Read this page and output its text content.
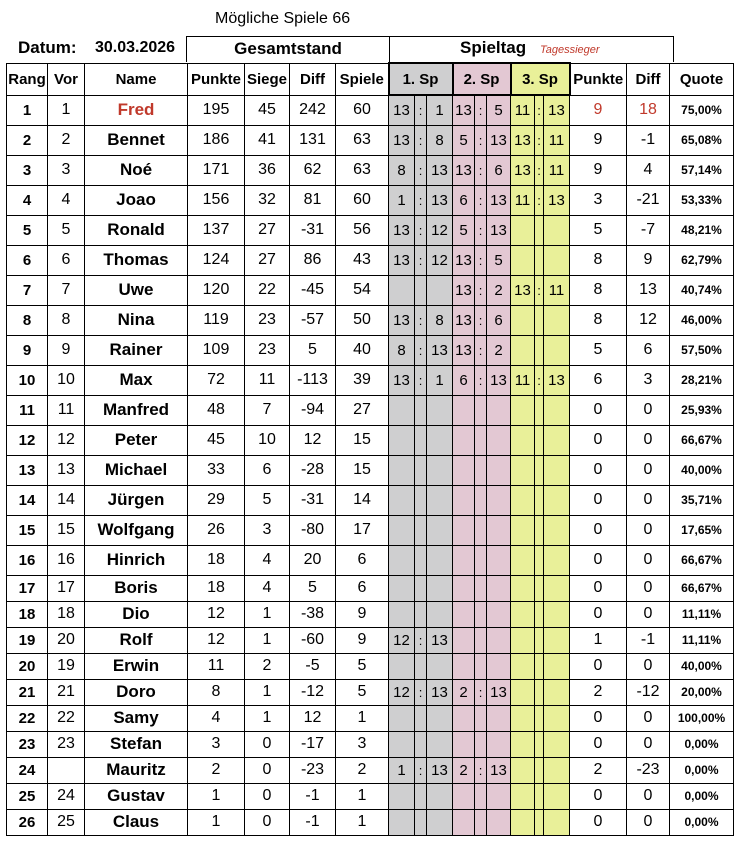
Mögliche Spiele 66
Datum: 30.03.2026	Gesamtstand	Spieltag Tagessieger
Rang	Vor	Name	Punkte	Siege	Diff	Spiele	1. Sp			2. Sp			3. Sp			Punkte	Diff	Quote
1	1	Fred	195	45	242	60	13	:	1	13	:	5	11	:	13	9	18	75,00%
2	2	Bennet	186	41	131	63	13	:	8	5	:	13	13	:	11	9	-1	65,08%
3	3	Noé	171	36	62	63	8	:	13	13	:	6	13	:	11	9	4	57,14%
4	4	Joao	156	32	81	60	1	:	13	6	:	13	11	:	13	3	-21	53,33%
5	5	Ronald	137	27	-31	56	13	:	12	5	:	13				5	-7	48,21%
6	6	Thomas	124	27	86	43	13	:	12	13	:	5				8	9	62,79%
7	7	Uwe	120	22	-45	54				13	:	2	13	:	11	8	13	40,74%
8	8	Nina	119	23	-57	50	13	:	8	13	:	6				8	12	46,00%
9	9	Rainer	109	23	5	40	8	:	13	13	:	2				5	6	57,50%
10	10	Max	72	11	-113	39	13	:	1	6	:	13	11	:	13	6	3	28,21%
11	11	Manfred	48	7	-94	27										0	0	25,93%
12	12	Peter	45	10	12	15										0	0	66,67%
13	13	Michael	33	6	-28	15										0	0	40,00%
14	14	Jürgen	29	5	-31	14										0	0	35,71%
15	15	Wolfgang	26	3	-80	17										0	0	17,65%
16	16	Hinrich	18	4	20	6										0	0	66,67%
17	17	Boris	18	4	5	6										0	0	66,67%
18	18	Dio	12	1	-38	9										0	0	11,11%
19	20	Rolf	12	1	-60	9	12	:	13							1	-1	11,11%
20	19	Erwin	11	2	-5	5										0	0	40,00%
21	21	Doro	8	1	-12	5	12	:	13	2	:	13				2	-12	20,00%
22	22	Samy	4	1	12	1										0	0	100,00%
23	23	Stefan	3	0	-17	3										0	0	0,00%
24		Mauritz	2	0	-23	2	1	:	13	2	:	13				2	-23	0,00%
25	24	Gustav	1	0	-1	1										0	0	0,00%
26	25	Claus	1	0	-1	1										0	0	0,00%
